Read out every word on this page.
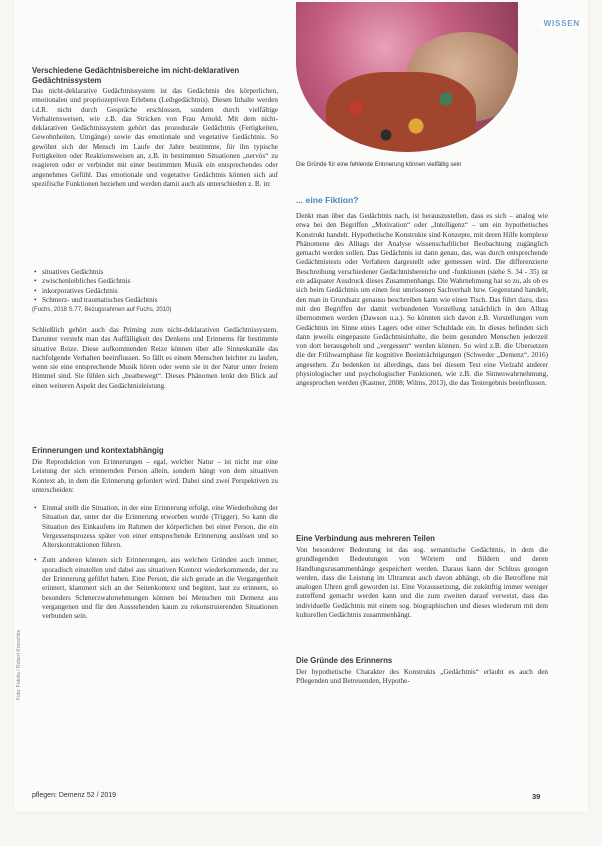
WISSEN
Die Gründe für eine fehlende Erinnerung können vielfältig sein
Verschiedene Gedächtnisbereiche im nicht-deklarativen Gedächtnissystem

Das nicht-deklarative Gedächtnissystem ist das Gedächtnis des körperlichen, emotionalen und propriozeptiven Erlebens (Leibgedächtnis). Diesen Inhalte werden i.d.R. nicht durch Gespräche erschlossen, sondern durch vielfältige Verhaltensweisen, wie z.B. das Stricken von Frau Arnold. Mit dem nicht-deklarativen Gedächtnissystem gehört das prozedurale Gedächtnis (Fertigkeiten, Gewohnheiten, Umgänge) sowie das emotionale und vegetative Gedächtnis. So gewöhnt sich der Mensch im Laufe der Jahre bestimmte, für ihn typische Fertigkeiten oder Reaktionsweisen an, z.B. in bestimmten Situationen „nervös“ zu reagieren oder er verbindet mit einer bestimmten Musik ein entsprechendes oder angenehmes Gefühl. Das emotionale und vegetative Gedächtnis können sich auf spezifische Funktionen beziehen und werden damit auch als unterschieden z. B. in:

• situatives Gedächtnis
• zwischenleibliches Gedächtnis
• inkorporatives Gedächtnis
• Schmerz- und traumatisches Gedächtnis
(Fuchs, 2018 S.77, Bezugsrahmen auf Fuchs, 2010)

Schließlich gehört auch das Priming zum nicht-deklarativen Gedächtnissystem. Darunter versteht man das Auffälligkeit des Denkens und Erinnerns für bestimmte situative Reize. Diese aufkommenden Reize können über alle Sinneskanäle das nachfolgende Verhalten beeinflussen. So fällt es einem Menschen leichter zu laufen, wenn sie eine entsprechende Musik hören oder wenn sie in der Natur unter freiem Himmel sind. Sie fühlen sich „beatbewegt“. Dieses Phänomen lenkt den Blick auf einen weiteren Aspekt des Gedächtnisleistung.

Erinnerungen und kontextabhängig

Die Reproduktion von Erinnerungen – egal, welcher Natur – ist nicht nur eine Leistung der sich erinnernden Person allein, sondern hängt von dem situativen Kontext ab, in dem die Erinnerung gefordert wird. Dabei sind zwei Perspektiven zu unterscheiden:

• Einmal stellt die Situation, in der eine Erinnerung erfolgt, eine Wiederholung der Situation dar, unter der die Erinnerung erworben wurde (Trigger). So kann die Situation des Einkaufens im Rahmen der körperlichen bei einer Person, die ein Vergessensprozess später von einer entsprechende Erinnerung auslösen und so Alterskontraktionen führen.
• Zum anderen können sich Erinnerungen, aus welchen Gründen auch immer, sporadisch einstellen und dabei aus situativen Kontext wiederkommende, der zu der Erinnerung geführt haben. Eine Person, die sich gerade an die Vergangenheit erinnert, klammert sich an der Seitenkontext und beginnt, laut zu erinnern, so besonders Schmerzwahrnehmungen können bei Menschen mit Demenz aus vergangenen und für den Ausstehenden kaum zu rekonstruierenden Situationen verbunden sein.
... eine Fiktion?

Denkt man über das Gedächtnis nach, ist herauszustellen, dass es sich – analog wie etwa bei den Begriffen „Motivation“ oder „Intelligenz“ – um ein hypothetisches Konstrukt handelt. Hypothetische Konstrukte sind Konzepte, mit deren Hilfe komplexe Phänomene des Alltags der Analyse wissenschaftlicher Beobachtung zugänglich gemacht werden sollen. Das Gedächtnis ist dann genau, das, was durch entsprechende Gedächtnistests oder Verfahren dargestellt oder gemessen wird. Die differenzierte Beschreibung verschiedener Gedächtnisbereiche und -funktionen (siehe S. 34 - 35) ist ein adäquater Ausdruck dieses Zusammenhangs. Die Wahrnehmung hat so zu, als ob es sich beim Gedächtnis um einen fest umrissenen Sachverhalt bzw. Gegenstand handelt, den man in Grundsatz genauso beschreiben kann wie einen Tisch. Das führt dazu, dass mit den Begriffen der damit verbundenen Vorstellung tatsächlich in den Alltag übernommen werden (Dawson u.a.). So könnten sich davon z.B. Vorstellungen vom Gedächtnis im Sinne eines Lagers oder einer Schublade ein. In dieses befinden sich dann jeweils eingepasste Gedächtnisinhalte, die beim gesunden Menschen jederzeit von dort herausgeholt und „vergessen“ werden können. So wird z.B. die Ubersetzen die der Frühwarnphase für kognitive Beeinträchtigungen (Schweder „Demenz“, 2016) angesehen. Zu bedenken ist allerdings, dass bei diesem Test eine Vielzahl anderer physiologischer und psychologischer Funktionen, wie z.B. die Sinneswahrnehmung, angesprochen werden (Kastner, 2008; Wilms, 2013), die das Testergebnis beeinflussen.

Eine Verbindung aus mehreren Teilen

Von besonderer Bedeutung ist das sog. semantische Gedächtnis, in dem die grundlegenden Bedeutungen von Wörtern und Bildern und deren Handlungszusammenhänge gespeichert werden. Daraus kann der Schluss gezogen werden, dass die Leistung im Ultramrat auch davon abhängt, ob die Betroffene mit analogen Uhren groß geworden ist. Eine Voraussetzung, die zukünftig immer weniger zutreffend gemacht werden kann und die zum zweiten darauf verweist, dass das individuelle Gedächtnis mit einem sog. biographischen und dieses wiederum mit dem kulturellen Gedächtnis zusammenhängt.

Die Gründe des Erinnerns

Der hypothetische Charakter des Konstrukts „Gedächtnis“ erlaubt es auch den Pflegenden und Betreuenden, Hypothe-

Foto: Fotolia / Robert Kneschke
pflegen: Demenz 52 / 2019	39
